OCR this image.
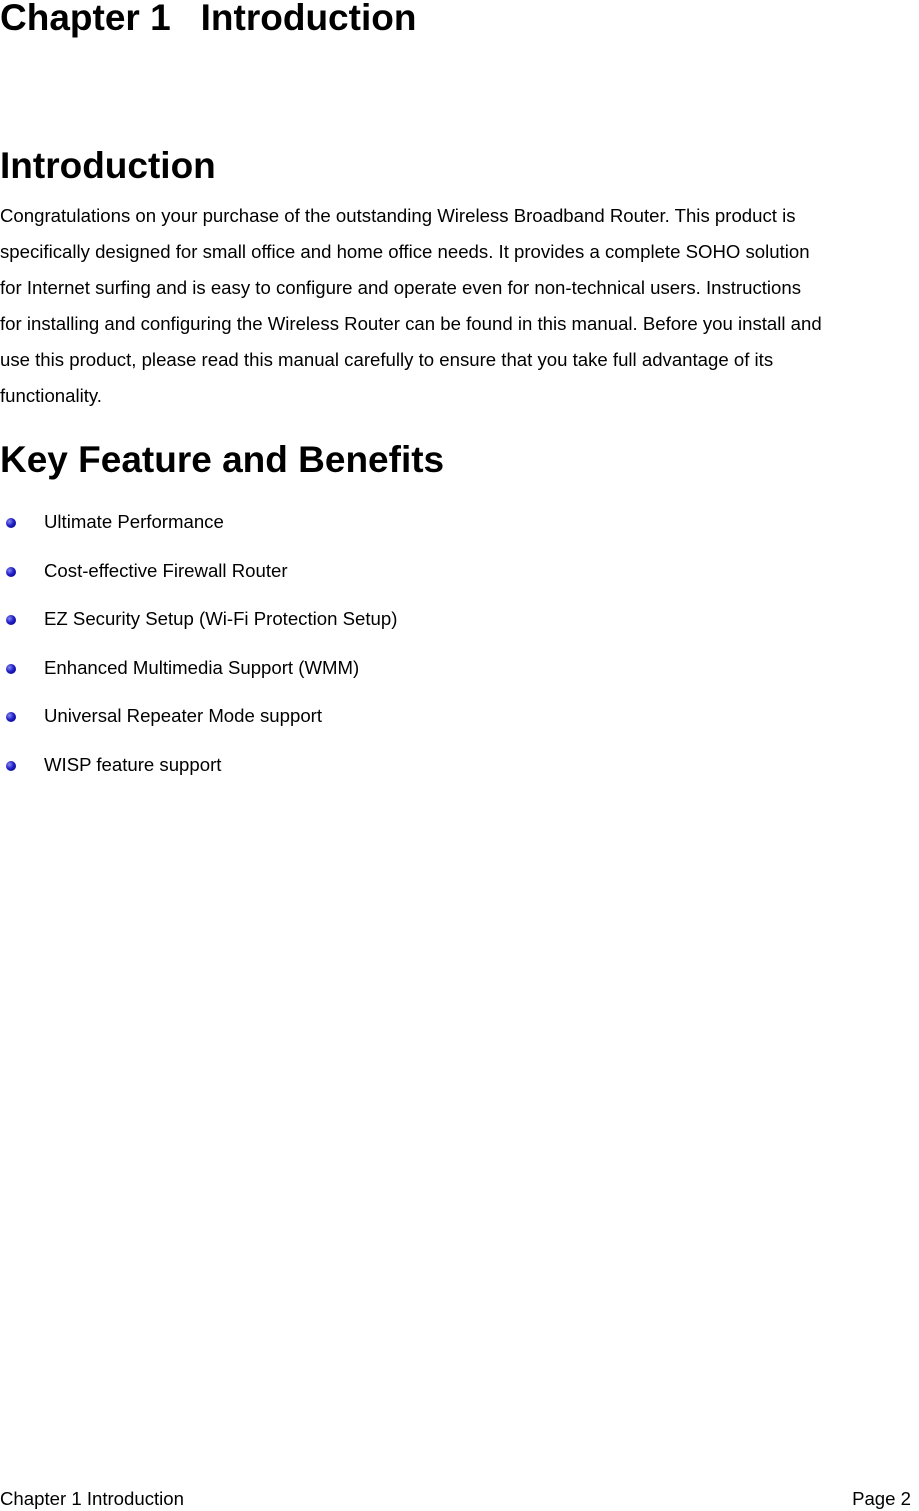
Chapter 1 Introduction
Introduction

Congratulations on your purchase of the outstanding Wireless Broadband Router. This product is
specifically designed for small office and home office needs. It provides a complete SOHO solution
for Internet surfing and is easy to configure and operate even for non-technical users. Instructions
for installing and configuring the Wireless Router can be found in this manual. Before you install and
use this product, please read this manual carefully to ensure that you take full advantage of its
functionality.

Key Feature and Benefits
Ultimate Performance
Cost-effective Firewall Router
EZ Security Setup (Wi-Fi Protection Setup)
Enhanced Multimedia Support (WMM)
Universal Repeater Mode support
WISP feature support
Chapter 1 Introduction	Page 2
